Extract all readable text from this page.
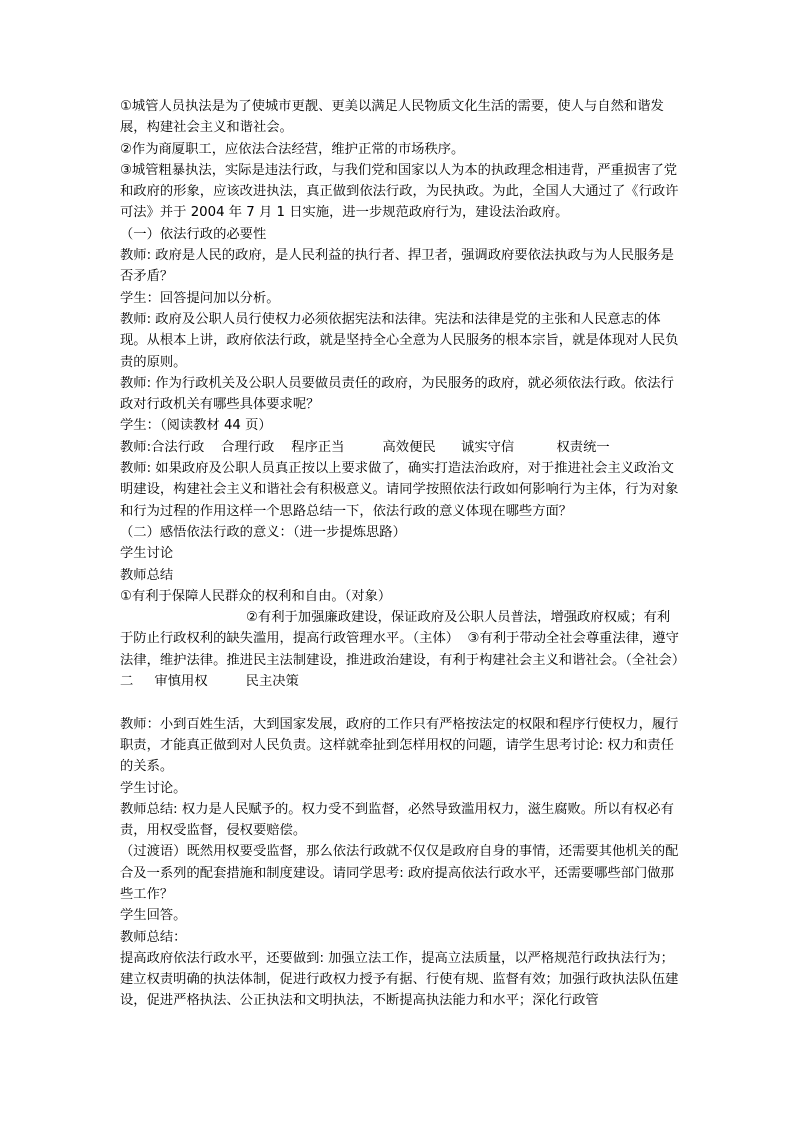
①城管人员执法是为了使城市更靓、更美以满足人民物质文化生活的需要，使人与自然和谐发展，构建社会主义和谐社会。

②作为商厦职工，应依法合法经营，维护正常的市场秩序。

③城管粗暴执法，实际是违法行政，与我们党和国家以人为本的执政理念相违背，严重损害了党和政府的形象，应该改进执法，真正做到依法行政，为民执政。为此，全国人大通过了《行政许可法》并于 2004 年 7 月 1 日实施，进一步规范政府行为，建设法治政府。

（一）依法行政的必要性

教师: 政府是人民的政府，是人民利益的执行者、捍卫者，强调政府要依法执政与为人民服务是否矛盾？

学生：回答提问加以分析。

教师: 政府及公职人员行使权力必须依据宪法和法律。宪法和法律是党的主张和人民意志的体现。从根本上讲，政府依法行政，就是坚持全心全意为人民服务的根本宗旨，就是体现对人民负责的原则。

教师: 作为行政机关及公职人员要做员责任的政府，为民服务的政府，就必须依法行政。依法行政对行政机关有哪些具体要求呢？

学生：（阅读教材 44 页）

教师:合法行政    合理行政    程序正当         高效便民      诚实守信          权责统一

教师: 如果政府及公职人员真正按以上要求做了，确实打造法治政府，对于推进社会主义政治文明建设，构建社会主义和谐社会有积极意义。请同学按照依法行政如何影响行为主体，行为对象和行为过程的作用这样一个思路总结一下，依法行政的意义体现在哪些方面？

（二）感悟依法行政的意义：（进一步提炼思路）

学生讨论

教师总结

①有利于保障人民群众的权利和自由。（对象）

②有利于加强廉政建设，保证政府及公职人员普法，增强政府权威；有利于防止行政权利的缺失滥用，提高行政管理水平。（主体）  ③有利于带动全社会尊重法律，遵守法律，维护法律。推进民主法制建设，推进政治建设，有利于构建社会主义和谐社会。（全社会）

二     审慎用权         民主决策

教师：小到百姓生活，大到国家发展，政府的工作只有严格按法定的权限和程序行使权力，履行职责，才能真正做到对人民负责。这样就牵扯到怎样用权的问题，请学生思考讨论: 权力和责任的关系。

学生讨论。

教师总结: 权力是人民赋予的。权力受不到监督，必然导致滥用权力，滋生腐败。所以有权必有责，用权受监督，侵权要赔偿。

（过渡语）既然用权要受监督，那么依法行政就不仅仅是政府自身的事情，还需要其他机关的配合及一系列的配套措施和制度建设。请同学思考: 政府提高依法行政水平，还需要哪些部门做那些工作？

学生回答。

教师总结：

提高政府依法行政水平，还要做到: 加强立法工作，提高立法质量，以严格规范行政执法行为；建立权责明确的执法体制，促进行政权力授予有据、行使有规、监督有效；加强行政执法队伍建设，促进严格执法、公正执法和文明执法，不断提高执法能力和水平；深化行政管
